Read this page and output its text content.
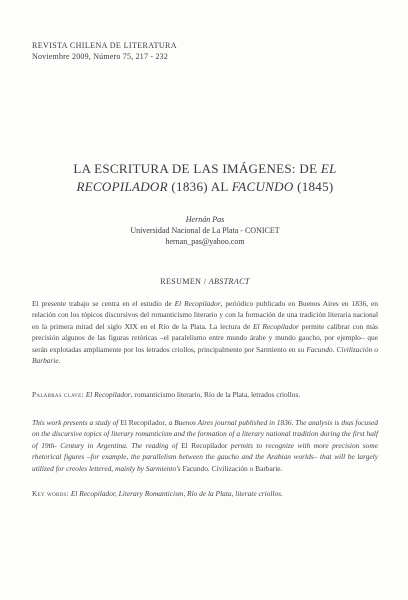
REVISTA CHILENA DE LITERATURA
Noviembre 2009, Número 75, 217 - 232
LA ESCRITURA DE LAS IMÁGENES: DE EL
RECOPILADOR (1836) AL FACUNDO (1845)
Hernán Pas
Universidad Nacional de La Plata - CONICET
hernan_pas@yahoo.com
RESUMEN / ABSTRACT
El presente trabajo se centra en el estudio de El Recopilador, periódico publicado en Buenos Aires en 1836, en relación con los tópicos discursivos del romanticismo literario y con la formación de una tradición literaria nacional en la primera mitad del siglo XIX en el Río de la Plata. La lectura de El Recopilador permite calibrar con más precisión algunos de las figuras retóricas –el paralelismo entre mundo árabe y mundo gaucho, por ejemplo– que serán explotadas ampliamente por los letrados criollos, principalmente por Sarmiento en su Facundo. Civilización o Barbarie.
Palabras clave: El Recopilador, romanticismo literario, Río de la Plata, letrados criollos.
This work presents a study of El Recopilador, a Buenos Aires journal published in 1836. The analysis is thus focused on the discursive topics of literary romanticism and the formation of a literary national tradition during the first half of 19th- Century in Argentina. The reading of El Recopilador permits to recognize with more precision some rhetorical figures –for example, the parallelism between the gaucho and the Arabian worlds– that will be largely utilized for creoles lettered, mainly by Sarmiento's Facundo. Civilización o Barbarie.
Key words: El Recopilador, Literary Romanticism, Río de la Plata, literate criollos.
